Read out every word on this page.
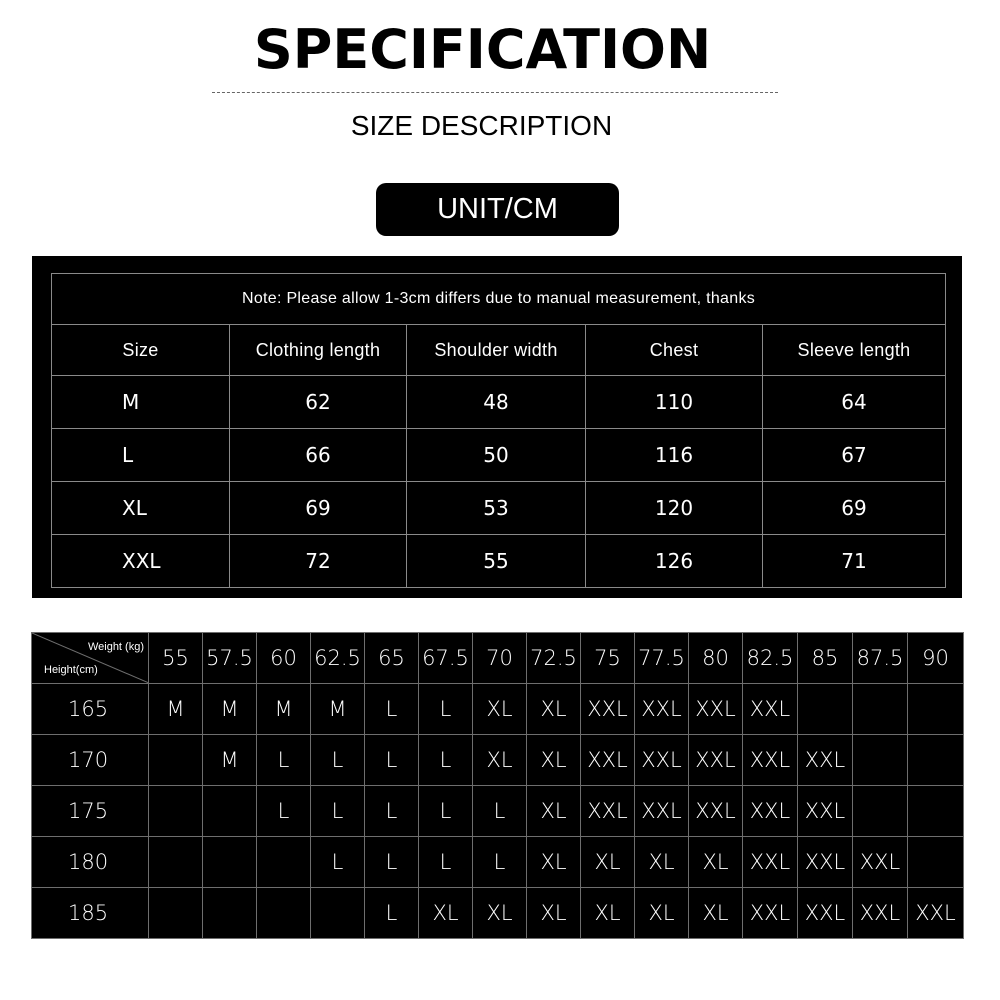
SPECIFICATION
SIZE DESCRIPTION
UNIT/CM
Note: Please allow 1-3cm differs due to manual measurement, thanks				
Size	Clothing length	Shoulder width	Chest	Sleeve length
M	62	48	110	64
L	66	50	116	67
XL	69	53	120	69
XXL	72	55	126	71
Weight (kg)
Height(cm)	55	57.5	60	62.5	65	67.5	70	72.5	75	77.5	80	82.5	85	87.5	90
165	M	M	M	M	L	L	XL	XL	XXL	XXL	XXL	XXL			
170		M	L	L	L	L	XL	XL	XXL	XXL	XXL	XXL	XXL		
175			L	L	L	L	L	XL	XXL	XXL	XXL	XXL	XXL		
180				L	L	L	L	XL	XL	XL	XL	XXL	XXL	XXL	
185					L	XL	XL	XL	XL	XL	XL	XXL	XXL	XXL	XXL
